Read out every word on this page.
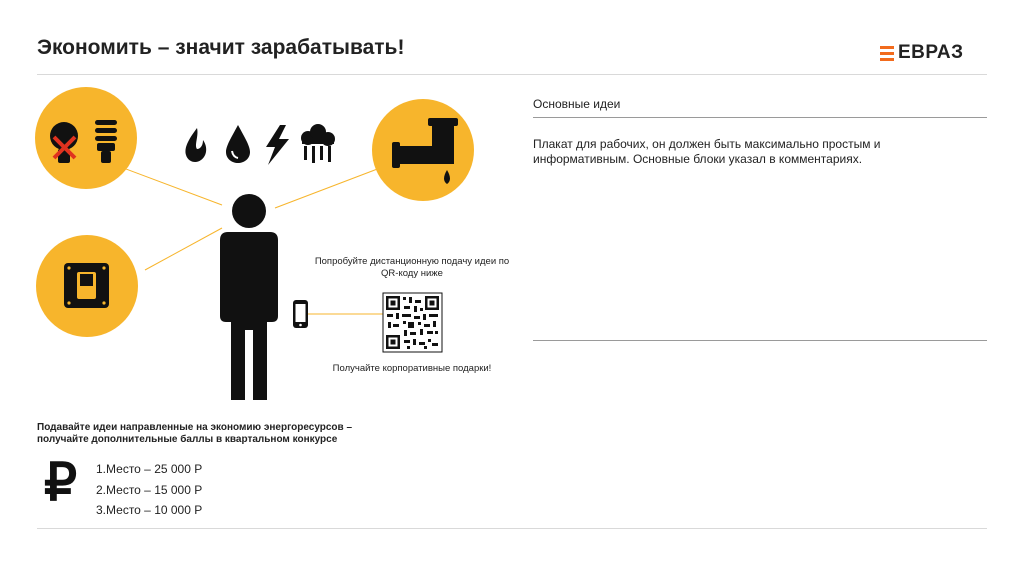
Экономить – значит зарабатывать!	ЕВРАЗ
Попробуйте дистанционную подачу идеи по QR-коду ниже
Получайте корпоративные подарки!
Подавайте идеи направленные на экономию энергоресурсов – получайте дополнительные баллы в квартальном конкурсе
₽ 1.Место – 25 000 Р
2.Место – 15 000 Р
3.Место – 10 000 Р
Основные идеи
Плакат для рабочих, он должен быть максимально простым и информативным. Основные блоки указал в комментариях.
